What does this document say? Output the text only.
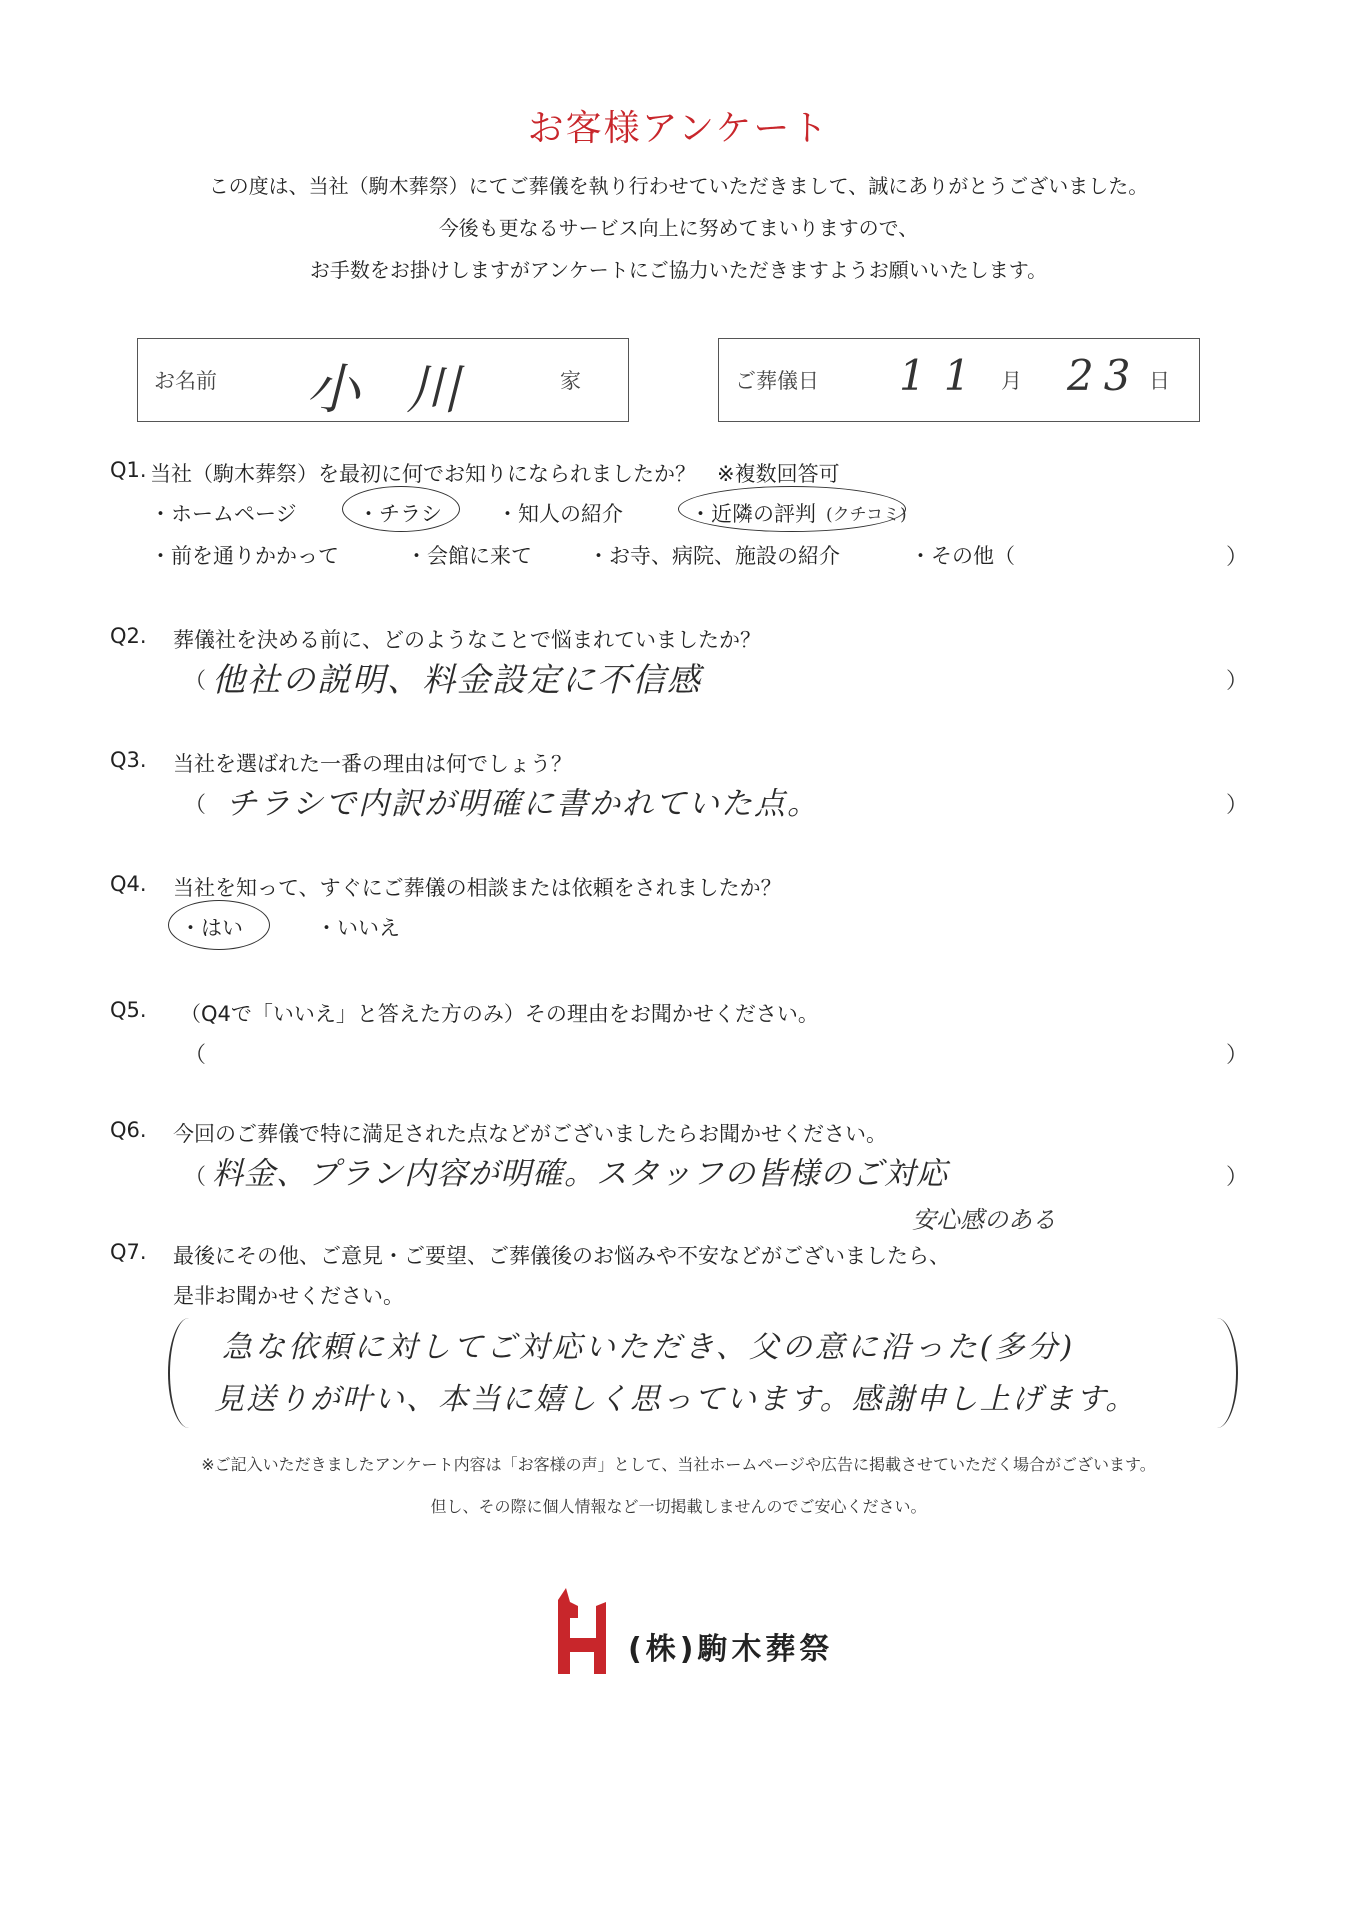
お客様アンケート
この度は、当社（駒木葬祭）にてご葬儀を執り行わせていただきまして、誠にありがとうございました。
今後も更なるサービス向上に努めてまいりますので、
お手数をお掛けしますがアンケートにご協力いただきますようお願いいたします。
お名前 小 川	家	ご葬儀日 11 月 23 日
Q1. 当社（駒木葬祭）を最初に何でお知りになられましたか？　※複数回答可
・ホームページ	・チラシ	・知人の紹介	・近隣の評判 (クチコミ)
・前を通りかかって	・会館に来て	・お寺、病院、施設の紹介	・その他（	）
Q2. 葬儀社を決める前に、どのようなことで悩まれていましたか？
（ 他社の説明、料金設定に不信感	）
Q3. 当社を選ばれた一番の理由は何でしょう？
（ チラシで内訳が明確に書かれていた点。	）
Q4. 当社を知って、すぐにご葬儀の相談または依頼をされましたか？
・はい	・いいえ
Q5. （Q4で「いいえ」と答えた方のみ）その理由をお聞かせください。
（	）
Q6. 今回のご葬儀で特に満足された点などがございましたらお聞かせください。
（ 料金、プラン内容が明確。スタッフの皆様のご対応
安心感のある
）
Q7. 最後にその他、ご意見・ご要望、ご葬儀後のお悩みや不安などがございましたら、
是非お聞かせください。
急な依頼に対してご対応いただき、父の意に沿った(多分)
見送りが叶い、本当に嬉しく思っています。感謝申し上げます。
※ご記入いただきましたアンケート内容は「お客様の声」として、当社ホームページや広告に掲載させていただく場合がございます。
但し、その際に個人情報など一切掲載しませんのでご安心ください。
(株)駒木葬祭
